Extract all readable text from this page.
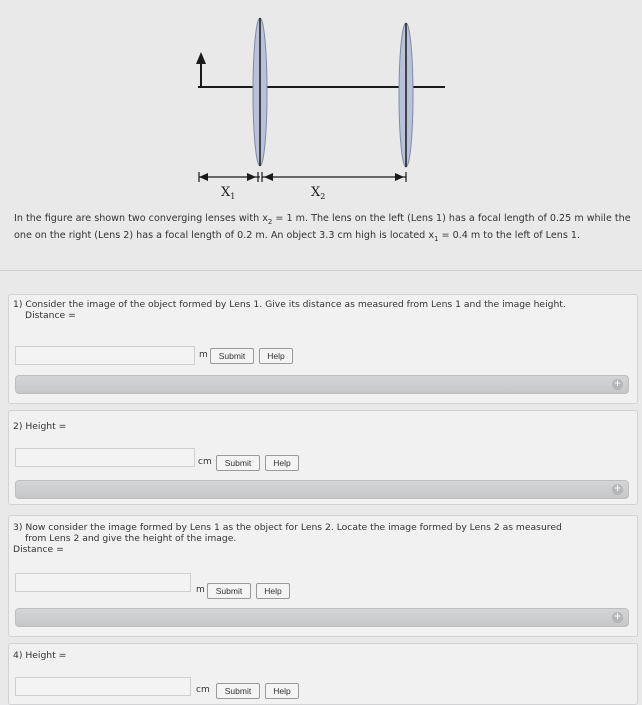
$X_1$	$X_2$
In the figure are shown two converging lenses with $x_2 = 1$ m. The lens on the left (Lens 1) has a focal length of 0.25 m while the one on the right (Lens 2) has a focal length of 0.2 m. An object 3.3 cm high is located $x_1 = 0.4$ m to the left of Lens 1.
1) Consider the image of the object formed by Lens 1. Give its distance as measured from Lens 1 and the image height.
Distance =
m	Submit	Help
+
2) Height =
cm	Submit	Help
+
3) Now consider the image formed by Lens 1 as the object for Lens 2. Locate the image formed by Lens 2 as measured
from Lens 2 and give the height of the image.
Distance =
m	Submit	Help
+
4) Height =
cm	Submit	Help
